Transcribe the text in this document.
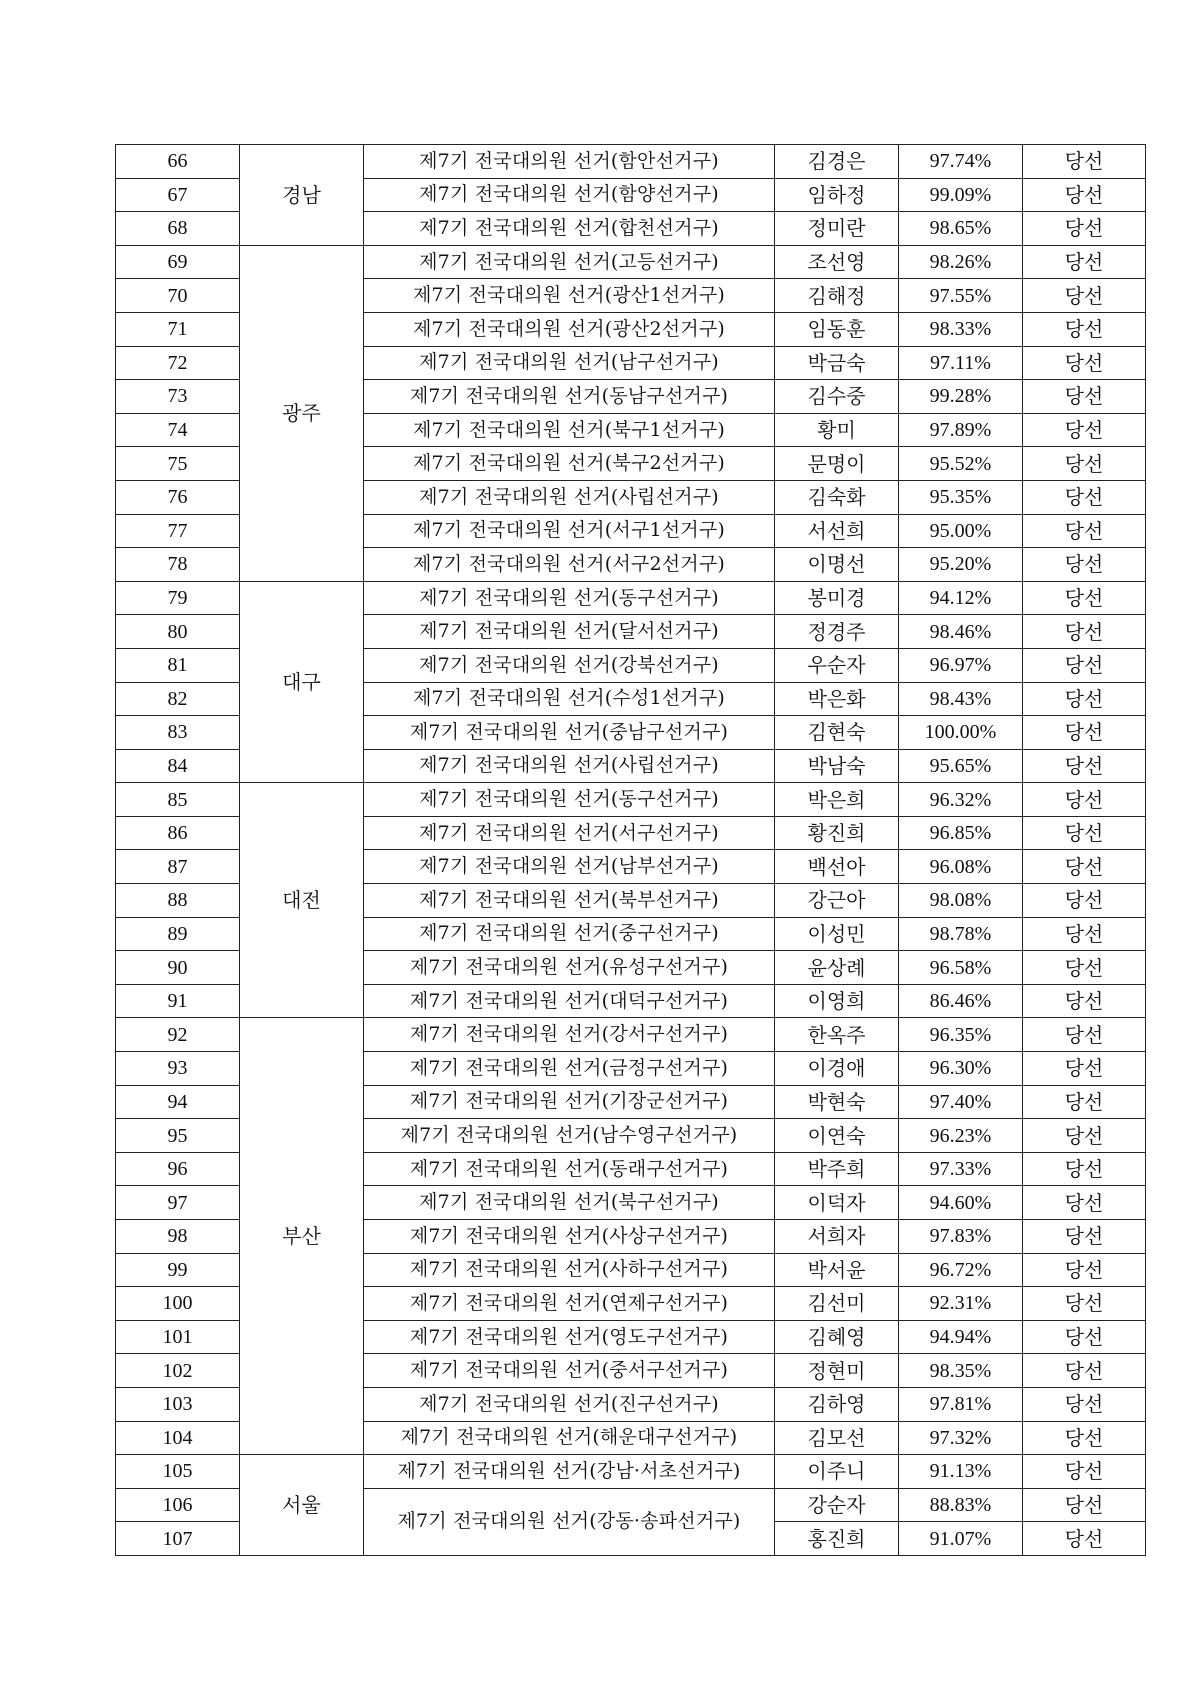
66	경남	제7기 전국대의원 선거(함안선거구)	김경은	97.74%	당선
67		제7기 전국대의원 선거(함양선거구)	임하정	99.09%	당선
68		제7기 전국대의원 선거(합천선거구)	정미란	98.65%	당선
69	광주	제7기 전국대의원 선거(고등선거구)	조선영	98.26%	당선
70		제7기 전국대의원 선거(광산1선거구)	김해정	97.55%	당선
71		제7기 전국대의원 선거(광산2선거구)	임동훈	98.33%	당선
72		제7기 전국대의원 선거(남구선거구)	박금숙	97.11%	당선
73		제7기 전국대의원 선거(동남구선거구)	김수중	99.28%	당선
74		제7기 전국대의원 선거(북구1선거구)	황미	97.89%	당선
75		제7기 전국대의원 선거(북구2선거구)	문명이	95.52%	당선
76		제7기 전국대의원 선거(사립선거구)	김숙화	95.35%	당선
77		제7기 전국대의원 선거(서구1선거구)	서선희	95.00%	당선
78		제7기 전국대의원 선거(서구2선거구)	이명선	95.20%	당선
79	대구	제7기 전국대의원 선거(동구선거구)	봉미경	94.12%	당선
80		제7기 전국대의원 선거(달서선거구)	정경주	98.46%	당선
81		제7기 전국대의원 선거(강북선거구)	우순자	96.97%	당선
82		제7기 전국대의원 선거(수성1선거구)	박은화	98.43%	당선
83		제7기 전국대의원 선거(중남구선거구)	김현숙	100.00%	당선
84		제7기 전국대의원 선거(사립선거구)	박남숙	95.65%	당선
85	대전	제7기 전국대의원 선거(동구선거구)	박은희	96.32%	당선
86		제7기 전국대의원 선거(서구선거구)	황진희	96.85%	당선
87		제7기 전국대의원 선거(남부선거구)	백선아	96.08%	당선
88		제7기 전국대의원 선거(북부선거구)	강근아	98.08%	당선
89		제7기 전국대의원 선거(중구선거구)	이성민	98.78%	당선
90		제7기 전국대의원 선거(유성구선거구)	윤상례	96.58%	당선
91		제7기 전국대의원 선거(대덕구선거구)	이영희	86.46%	당선
92	부산	제7기 전국대의원 선거(강서구선거구)	한옥주	96.35%	당선
93		제7기 전국대의원 선거(금정구선거구)	이경애	96.30%	당선
94		제7기 전국대의원 선거(기장군선거구)	박현숙	97.40%	당선
95		제7기 전국대의원 선거(남수영구선거구)	이연숙	96.23%	당선
96		제7기 전국대의원 선거(동래구선거구)	박주희	97.33%	당선
97		제7기 전국대의원 선거(북구선거구)	이덕자	94.60%	당선
98		제7기 전국대의원 선거(사상구선거구)	서희자	97.83%	당선
99		제7기 전국대의원 선거(사하구선거구)	박서윤	96.72%	당선
100		제7기 전국대의원 선거(연제구선거구)	김선미	92.31%	당선
101		제7기 전국대의원 선거(영도구선거구)	김혜영	94.94%	당선
102		제7기 전국대의원 선거(중서구선거구)	정현미	98.35%	당선
103		제7기 전국대의원 선거(진구선거구)	김하영	97.81%	당선
104		제7기 전국대의원 선거(해운대구선거구)	김모선	97.32%	당선
105	서울	제7기 전국대의원 선거(강남·서초선거구)	이주니	91.13%	당선
106		제7기 전국대의원 선거(강동·송파선거구)	강순자	88.83%	당선
107			홍진희	91.07%	당선
